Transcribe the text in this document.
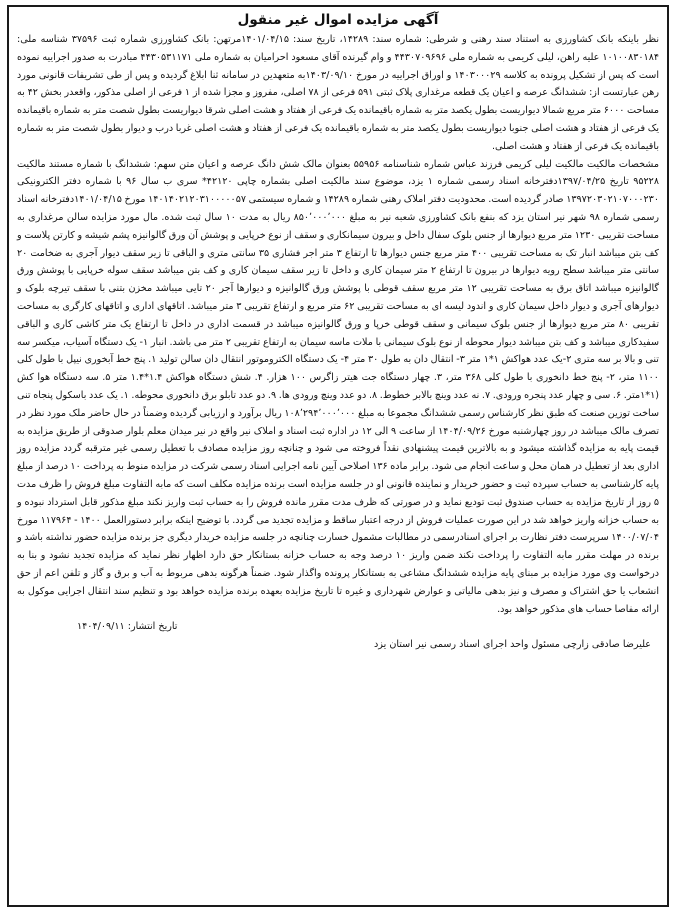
آگهی مزایده اموال غیر منقول

نظر باینکه بانک کشاورزی به استناد سند رهنی و شرطی: شماره سند: ۱۴۲۸۹، تاریخ سند: ۱۴۰۱/۰۴/۱۵مرتهن: بانک کشاورزی شماره ثبت ۳۷۵۹۶ شناسه ملی: ۱۰۱۰۰۸۳۰۱۸۴ علیه راهن، لیلی کریمی به شماره ملی ۴۴۳۰۷۰۹۶۹۶ و وام گیرنده آقای مسعود احرامیان به شماره ملی ۴۴۳۰۵۳۱۱۷۱ مبادرت به صدور اجراییه نموده است که پس از تشکیل پرونده به کلاسه ۱۴۰۳۰۰۰۲۹ و اوراق اجراییه در مورخ ۱۴۰۳/۰۹/۱۰به متعهدین در سامانه ثنا ابلاغ گردیده و پس از طی تشریفات قانونی مورد رهن عبارتست از: ششدانگ عرصه و اعیان یک قطعه مرغداری پلاک ثبتی ۵۹۱ فرعی از ۷۸ اصلی، مفروز و مجزا شده از ۱ فرعی از اصلی مذکور، واقعدر بخش ۴۲ به مساحت ۶۰۰۰ متر مربع شمالا دیواریست بطول یکصد متر به شماره باقیمانده یک فرعی از هفتاد و هشت اصلی شرقا دیواریست بطول شصت متر به شماره باقیمانده یک فرعی از هفتاد و هشت اصلی جنوبا دیواریست بطول یکصد متر به شماره باقیمانده یک فرعی از هفتاد و هشت اصلی غربا درب و دیوار بطول شصت متر به شماره باقیمانده یک فرعی از هفتاد و هشت اصلی.

مشخصات مالکیت مالکیت لیلی کریمی فرزند عباس شماره شناسنامه ۵۵۹۵۶ بعنوان مالک شش دانگ عرصه و اعیان متن سهم: ششدانگ با شماره مستند مالکیت ۹۵۲۲۸ تاریخ ۱۳۹۷/۰۴/۲۵دفترخانه اسناد رسمی شماره ۱ یزد، موضوع سند مالکیت اصلی بشماره چاپی ۴۲۱۲۰* سری ب سال ۹۶ با شماره دفتر الکترونیکی ۱۳۹۷۲۰۳۰۲۱۰۷۰۰۰۲۳۰ صادر گردیده است. محدودیت دفتر املاک رهنی شماره ۱۴۲۸۹ و شماره سیستمی ۱۴۰۱۴۰۲۱۲۰۳۱۰۰۰۰۰۵۷ مورخ ۱۴۰۱/۰۴/۱۵دفترخانه اسناد رسمی شماره ۹۸ شهر نیر استان یزد که بنفع بانک کشاورزی شعبه نیر به مبلغ ۸۵۰٬۰۰۰٬۰۰۰ ریال به مدت ۱۰ سال ثبت شده. مال مورد مزایده سالن مرغداری به مساحت تقریبی ۱۲۳۰ متر مربع دیوارها از جنس بلوک سفال داخل و بیرون سیمانکاری و سقف از نوع خرپایی و پوشش آن ورق گالوانیزه پشم شیشه و کارتن پلاست و کف بتن میباشد انبار تک به مساحت تقریبی ۴۰۰ متر مربع جنس دیوارها تا ارتفاع ۳ متر اجر فشاری ۳۵ سانتی متری و الباقی تا زیر سقف دیوار آجری به ضخامت ۲۰ سانتی متر میباشد سطح رویه دیوارها در بیرون تا ارتفاع ۲ متر سیمان کاری و داخل تا زیر سقف سیمان کاری و کف بتن میباشد سقف سوله خرپایی با پوشش ورق گالوانیزه میباشد اتاق برق به مساحت تقریبی ۱۲ متر مربع سقف قوطی با پوشش ورق گالوانیزه و دیوارها آجر ۲۰ تایی میباشد مخزن بتنی با سقف تیرچه بلوک و دیوارهای آجری و دیوار داخل سیمان کاری و اندود لیسه ای به مساحت تقریبی ۶۲ متر مربع و ارتفاع تقریبی ۳ متر میباشد. اتاقهای اداری و اتاقهای کارگری به مساحت تقریبی ۸۰ متر مربع دیوارها از جنس بلوک سیمانی و سقف قوطی خرپا و ورق گالوانیزه میباشد در قسمت اداری در داخل تا ارتفاع یک متر کاشی کاری و الباقی سفیدکاری میباشد و کف بتن میباشد دیوار محوطه از نوع بلوک سیمانی با ملات ماسه سیمان به ارتفاع تقریبی ۲ متر می باشد. انبار ۱- یک دستگاه آسیاب، میکسر سه تنی و بالا بر سه متری ۲-یک عدد هواکش ۱*۱ متر ۳- انتقال دان به طول ۳۰ متر ۴- یک دستگاه الکتروموتور انتقال دان سالن تولید ۱. پنج خط آبخوری نیپل با طول کلی ۱۱۰۰ متر، ۲- پنج خط دانخوری با طول کلی ۳۶۸ متر، ۳. چهار دستگاه جت هیتر زاگرس ۱۰۰ هزار. ۴. شش دستگاه هواکش ۱.۴*۱.۴ متر ۵. سه دستگاه هوا کش (۱*۱متر. ۶. سی و چهار عدد پنجره ورودی. ۷. نه عدد وینچ بالابر خطوط. ۸. دو عدد وینچ ورودی ها. ۹. دو عدد تابلو برق دانخوری محوطه. ۱. یک عدد باسکول پنجاه تنی ساخت توزین صنعت که طبق نظر کارشناس رسمی ششدانگ مجموعا به مبلغ ۱۰۸٬۲۹۴٬۰۰۰٬۰۰۰ ریال برآورد و ارزیابی گردیده وضمناً در حال حاضر ملک مورد نظر در تصرف مالک میباشد در روز چهارشنبه مورخ ۱۴۰۴/۰۹/۲۶ از ساعت ۹ الی ۱۲ در اداره ثبت اسناد و املاک نیر واقع در نیر میدان معلم بلوار صدوقی از طریق مزایده به قیمت پایه به مزایده گذاشته میشود و به بالاترین قیمت پیشنهادی نقداً فروخته می شود و چنانچه روز مزایده مصادف با تعطیل رسمی غیر مترقبه گردد مزایده روز اداری بعد از تعطیل در همان محل و ساعت انجام می شود. برابر ماده ۱۳۶ اصلاحی آیین نامه اجرایی اسناد رسمی شرکت در مزایده منوط به پرداخت ۱۰ درصد از مبلغ پایه کارشناسی به حساب سپرده ثبت و حضور خریدار و نماینده قانونی او در جلسه مزایده است برنده مزایده مکلف است که مابه التفاوت مبلغ فروش را ظرف مدت ۵ روز از تاریخ مزایده به حساب صندوق ثبت تودیع نماید و در صورتی که ظرف مدت مقرر مانده فروش را به حساب ثبت واریز نکند مبلغ مذکور قابل استرداد نبوده و به حساب خزانه واریز خواهد شد در این صورت عملیات فروش از درجه اعتبار ساقط و مزایده تجدید می گردد. با توضیح اینکه برابر دستورالعمل ۱۴۰۰ - ۱۱۷۹۶۴ مورخ ۱۴۰۰/۰۷/۰۴ سرپرست دفتر نظارت بر اجرای اسنادرسمی در مطالبات مشمول خسارت چنانچه در جلسه مزایده خریدار دیگری جز برنده مزایده حضور نداشته باشد و برنده در مهلت مقرر مابه التفاوت را پرداخت نکند ضمن واریز ۱۰ درصد وجه به حساب خزانه بستانکار حق دارد اظهار نظر نماید که مزایده تجدید نشود و بنا به درخواست وی مورد مزایده بر مبنای پایه مزایده ششدانگ مشاعی به بستانکار پرونده واگذار شود. ضمناً هرگونه بدهی مربوط به آب و برق و گاز و تلفن اعم از حق انشعاب یا حق اشتراک و مصرف و نیز بدهی مالیاتی و عوارض شهرداری و غیره تا تاریخ مزایده بعهده برنده مزایده خواهد بود و تنظیم سند انتقال اجرایی موکول به ارائه مفاصا حساب های مذکور خواهد بود.

تاریخ انتشار: ۱۴۰۴/۰۹/۱۱
علیرضا صادقی زارچی مسئول واحد اجرای اسناد رسمی نیر استان یزد
